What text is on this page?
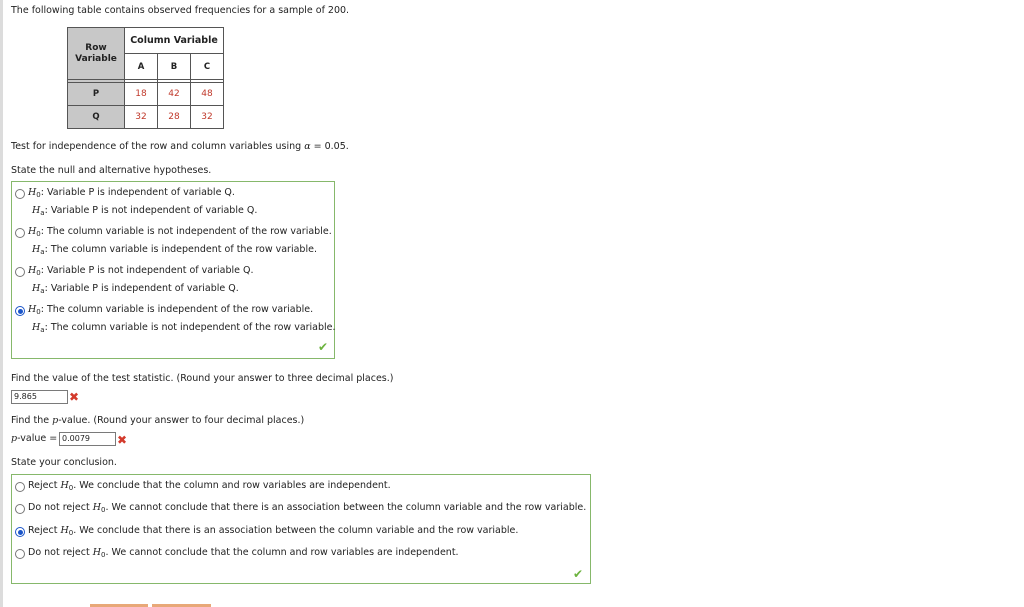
The following table contains observed frequencies for a sample of 200.
Row
Variable	Column Variable		
	A	B	C

P	18	42	48
Q	32	28	32
Test for independence of the row and column variables using α = 0.05.
State the null and alternative hypotheses.
$H_0$: Variable P is independent of variable Q.
$H_a$: Variable P is not independent of variable Q.
$H_0$: The column variable is not independent of the row variable.
$H_a$: The column variable is independent of the row variable.
$H_0$: Variable P is not independent of variable Q.
$H_a$: Variable P is independent of variable Q.
$H_0$: The column variable is independent of the row variable.
$H_a$: The column variable is not independent of the row variable.
✔
Find the value of the test statistic. (Round your answer to three decimal places.)
9.865	✖
Find the p-value. (Round your answer to four decimal places.)
p-value = 0.0079	✖
State your conclusion.
Reject $H_0$. We conclude that the column and row variables are independent.
Do not reject $H_0$. We cannot conclude that there is an association between the column variable and the row variable.
Reject $H_0$. We conclude that there is an association between the column variable and the row variable.
Do not reject $H_0$. We cannot conclude that the column and row variables are independent.
✔
